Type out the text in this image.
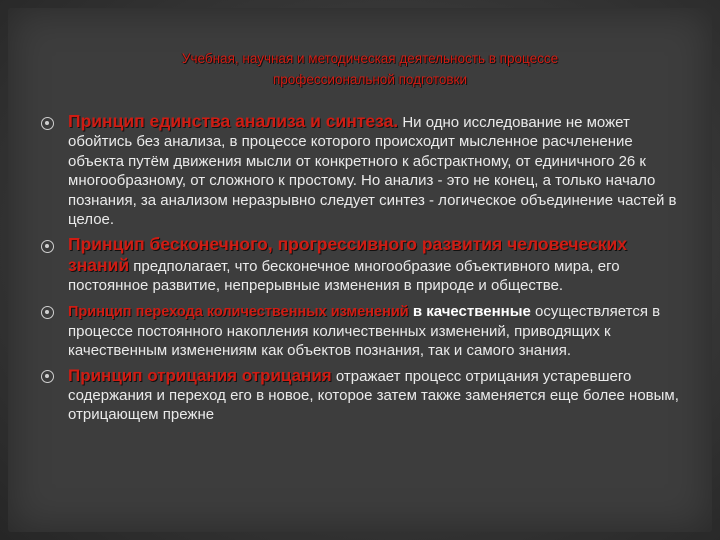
Учебная, научная и методическая деятельность в процессе
профессиональной подготовки
Принцип единства анализа и синтеза. Ни одно исследование не может обойтись без анализа, в процессе которого происходит мысленное расчленение объекта путём движения мысли от конкретного к абстрактному, от единичного 26 к многообразному, от сложного к простому. Но анализ - это не конец, а только начало познания, за анализом неразрывно следует синтез - логическое объединение частей в целое.
Принцип бесконечного, прогрессивного развития человеческих знаний предполагает, что бесконечное многообразие объективного мира, его постоянное развитие, непрерывные изменения в природе и обществе.
Принцип перехода количественных изменений в качественные осуществляется в процессе постоянного накопления количественных изменений, приводящих к качественным изменениям как объектов познания, так и самого знания.
Принцип отрицания отрицания отражает процесс отрицания устаревшего содержания и переход его в новое, которое затем также заменяется еще более новым, отрицающем прежне
